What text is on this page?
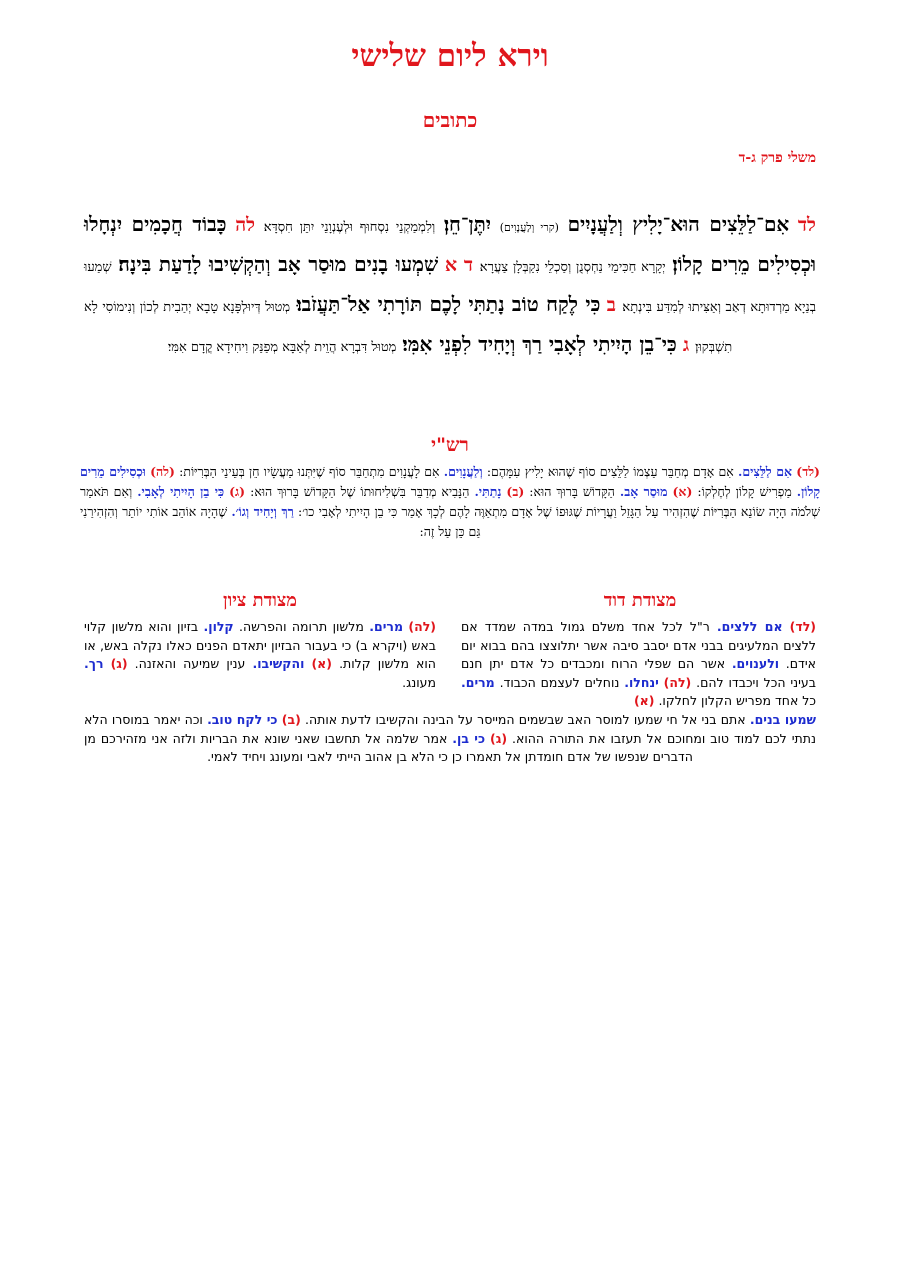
וירא ליום שלישי
כתובים
משלי פרק ג-ד
לד אִם־לַלֵּצִים הוּא־יָלִיץ וְלַעֲנָיִים (קרי וְלַעֲנָוִים) יִתֶּן־חֵן׃ וְלִמְמַקְנֵי נִסְחוּף וּלְעֶנְוָנֵי יִתֵּן חִסְדָּא׃ לה כָּבוֹד חֲכָמִים יִנְחָלוּ וּכְסִילִים מֵרִים קָלוֹן׃ יְקָרָא חַכִּימֵי נַחְסְנֻן וְסַכְלֵי נִקַבְּלָן צַעֲרָא׃ ד א שִׁמְעוּ בָנִים מוּסַר אָב וְהַקְשִׁיבוּ לָדַעַת בִּינָה׃ שְׁמַעוּ בְנַיָא מַרְדוּתָא דְאַב וְאַצִּיתוּ לְמִדַּע בִּינְתָא׃ ב כִּי לֶקַח טוֹב נָתַתִּי לָכֶם תּוֹרָתִי אַל־תַּעֲזֹבוּ׃ מְטוּל דְּיוּלְפָּנָא טָבָא יְהַבִית לְכוֹן וְנִימוֹסִי לָא תִשְׁבְּקוּן׃ ג כִּי־בֵן הָיִיתִי לְאָבִי רַךְ וְיָחִיד לִפְנֵי אִמִּי׃ מְטוּל דִּבְרָא הֲוֵית לְאַבָּא מְפַנַּק וִיחִידָא קֳדָם אִמִּי׃
רש"י
(לד) אִם לַלֵּצִים. אִם אָדָם מְחַבֵּר עַצְמוֹ לַלֵּצִים סוֹף שֶׁהוּא יָלִיץ עִמָּהֶם: וְלַעֲנָוִים. אִם לָעֲנָוִים מִתְחַבֵּר סוֹף שֶׁיִּתְּנוּ מַעֲשָׂיו חֵן בְּעֵינֵי הַבְּרִיּוֹת: (לה) וּכְסִילִים מֵרִים קָלוֹן. מַפְרִישׁ קָלוֹן לְחֶלְקוֹ: (א) מוּסַר אָב. הַקָּדוֹשׁ בָּרוּךְ הוּא: (ב) נָתַתִּי. הַנָּבִיא מְדַבֵּר בִּשְׁלִיחוּתוֹ שֶׁל הַקָּדוֹשׁ בָּרוּךְ הוּא: (ג) כִּי בֵן הָיִיתִי לְאָבִי. וְאִם תֹּאמַר שְׁלֹמֹה הָיָה שׂוֹנֵא הַבְּרִיּוֹת שֶׁהִזְהִיר עַל הַגָּזֵל וַעֲרָיוֹת שֶׁגּוּפוֹ שֶׁל אָדָם מִתְאַוֶּה לָהֶם לְכָךְ אָמַר כִּי בֵן הָיִיתִי לְאָבִי כו׳: רַךְ וְיָחִיד וְגוֹ׳. שֶׁהָיָה אוֹהֵב אוֹתִי יוֹתֵר וְהִזְהִירַנִי גַּם כֵּן עַל זֶה:
מצודת דוד
מצודת ציון
(לד) אם ללצים. ר"ל לכל אחד משלם גמול במדה שמדד אם ללצים המלעיגים בבני אדם יסבב סיבה אשר יתלוצצו בהם בבוא יום אידם. ולענוים. אשר הם שפלי הרוח ומכבדים כל אדם יתן חנם בעיני הכל ויכבדו להם. (לה) ינחלו. נוחלים לעצמם הכבוד. מרים. כל אחד מפריש הקלון לחלקו. (א)
(לה) מרים. מלשון תרומה והפרשה. קלון. בזיון והוא מלשון קלוי באש (ויקרא ב) כי בעבור הבזיון יתאדם הפנים כאלו נקלה באש, או הוא מלשון קלות. (א) והקשיבו. ענין שמיעה והאזנה. (ג) רך. מעונג.
שמעו בנים. אתם בני אל חי שמעו למוסר האב שבשמים המייסר על הבינה והקשיבו לדעת אותה. (ב) כי לקח טוב. וכה יאמר במוסרו הלא נתתי לכם למוד טוב ומחוכם אל תעזבו את התורה ההוא. (ג) כי בן. אמר שלמה אל תחשבו שאני שונא את הבריות ולזה אני מזהירכם מן הדברים שנפשו של אדם חומדתן אל תאמרו כן כי הלא בן אהוב הייתי לאבי ומעונג ויחיד לאמי.
